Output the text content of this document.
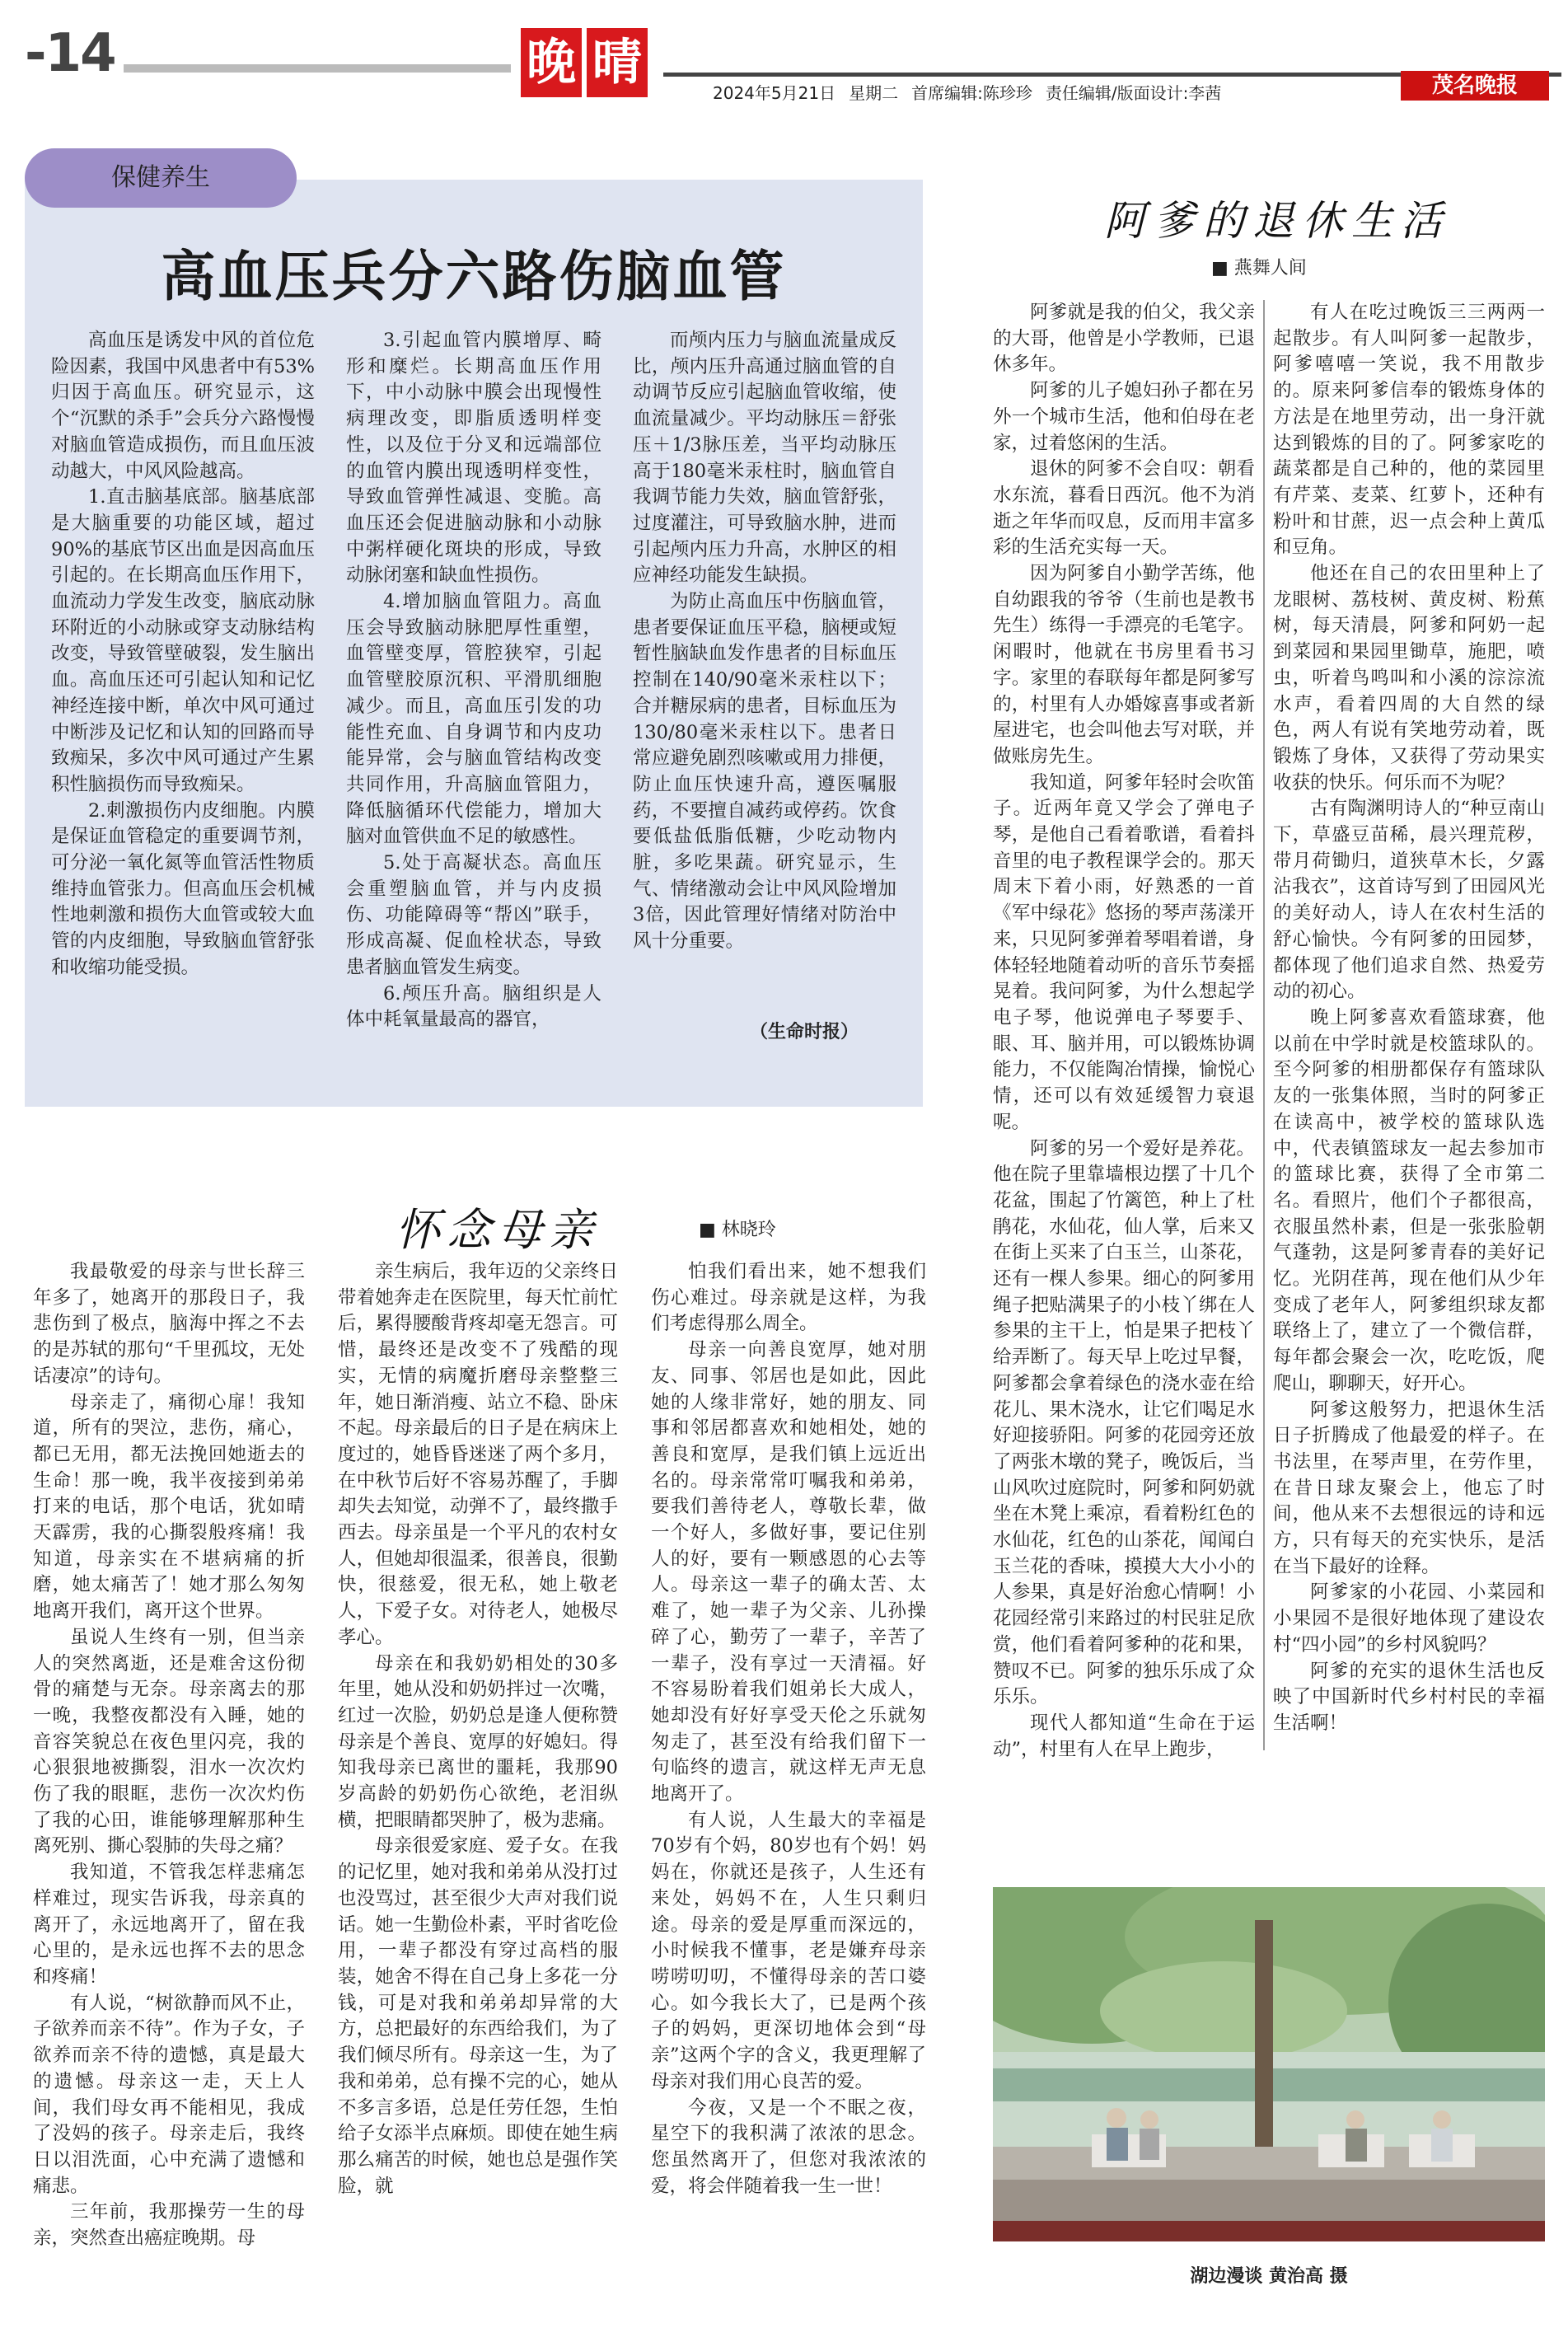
-14	晚 晴
2024年5月21日 星期二 首席编辑:陈珍珍 责任编辑/版面设计:李茜	茂名晚报
保健养生
高血压兵分六路伤脑血管

高血压是诱发中风的首位危险因素，我国中风患者中有53%归因于高血压。研究显示，这个“沉默的杀手”会兵分六路慢慢对脑血管造成损伤，而且血压波动越大，中风风险越高。

1.直击脑基底部。脑基底部是大脑重要的功能区域，超过90%的基底节区出血是因高血压引起的。在长期高血压作用下，血流动力学发生改变，脑底动脉环附近的小动脉或穿支动脉结构改变，导致管壁破裂，发生脑出血。高血压还可引起认知和记忆神经连接中断，单次中风可通过中断涉及记忆和认知的回路而导致痴呆，多次中风可通过产生累积性脑损伤而导致痴呆。

2.刺激损伤内皮细胞。内膜是保证血管稳定的重要调节剂，可分泌一氧化氮等血管活性物质维持血管张力。但高血压会机械性地刺激和损伤大血管或较大血管的内皮细胞，导致脑血管舒张和收缩功能受损。

3.引起血管内膜增厚、畸形和糜烂。长期高血压作用下，中小动脉中膜会出现慢性病理改变，即脂质透明样变性，以及位于分叉和远端部位的血管内膜出现透明样变性，导致血管弹性减退、变脆。高血压还会促进脑动脉和小动脉中粥样硬化斑块的形成，导致动脉闭塞和缺血性损伤。

4.增加脑血管阻力。高血压会导致脑动脉肥厚性重塑，血管壁变厚，管腔狭窄，引起血管壁胶原沉积、平滑肌细胞减少。而且，高血压引发的功能性充血、自身调节和内皮功能异常，会与脑血管结构改变共同作用，升高脑血管阻力，降低脑循环代偿能力，增加大脑对血管供血不足的敏感性。

5.处于高凝状态。高血压会重塑脑血管，并与内皮损伤、功能障碍等“帮凶”联手，形成高凝、促血栓状态，导致患者脑血管发生病变。

6.颅压升高。脑组织是人体中耗氧量最高的器官，

而颅内压力与脑血流量成反比，颅内压升高通过脑血管的自动调节反应引起脑血管收缩，使血流量减少。平均动脉压＝舒张压＋1/3脉压差，当平均动脉压高于180毫米汞柱时，脑血管自我调节能力失效，脑血管舒张，过度灌注，可导致脑水肿，进而引起颅内压力升高，水肿区的相应神经功能发生缺损。

为防止高血压中伤脑血管，患者要保证血压平稳，脑梗或短暂性脑缺血发作患者的目标血压控制在140/90毫米汞柱以下；合并糖尿病的患者，目标血压为130/80毫米汞柱以下。患者日常应避免剧烈咳嗽或用力排便，防止血压快速升高，遵医嘱服药，不要擅自减药或停药。饮食要低盐低脂低糖，少吃动物内脏，多吃果蔬。研究显示，生气、情绪激动会让中风风险增加3倍，因此管理好情绪对防治中风十分重要。

（生命时报）
阿爹的退休生活
■ 燕舞人间

阿爹就是我的伯父，我父亲的大哥，他曾是小学教师，已退休多年。

阿爹的儿子媳妇孙子都在另外一个城市生活，他和伯母在老家，过着悠闲的生活。

退休的阿爹不会自叹：朝看水东流，暮看日西沉。他不为消逝之年华而叹息，反而用丰富多彩的生活充实每一天。

因为阿爹自小勤学苦练，他自幼跟我的爷爷（生前也是教书先生）练得一手漂亮的毛笔字。闲暇时，他就在书房里看书习字。家里的春联每年都是阿爹写的，村里有人办婚嫁喜事或者新屋进宅，也会叫他去写对联，并做账房先生。

我知道，阿爹年轻时会吹笛子。近两年竟又学会了弹电子琴，是他自己看着歌谱，看着抖音里的电子教程课学会的。那天周末下着小雨，好熟悉的一首《军中绿花》悠扬的琴声荡漾开来，只见阿爹弹着琴唱着谱，身体轻轻地随着动听的音乐节奏摇晃着。我问阿爹，为什么想起学电子琴，他说弹电子琴要手、眼、耳、脑并用，可以锻炼协调能力，不仅能陶冶情操，愉悦心情，还可以有效延缓智力衰退呢。

阿爹的另一个爱好是养花。他在院子里靠墙根边摆了十几个花盆，围起了竹篱笆，种上了杜鹃花，水仙花，仙人掌，后来又在街上买来了白玉兰，山茶花，还有一棵人参果。细心的阿爹用绳子把贴满果子的小枝丫绑在人参果的主干上，怕是果子把枝丫给弄断了。每天早上吃过早餐，阿爹都会拿着绿色的浇水壶在给花儿、果木浇水，让它们喝足水好迎接骄阳。阿爹的花园旁还放了两张木墩的凳子，晚饭后，当山风吹过庭院时，阿爹和阿奶就坐在木凳上乘凉，看着粉红色的水仙花，红色的山茶花，闻闻白玉兰花的香味，摸摸大大小小的人参果，真是好治愈心情啊！小花园经常引来路过的村民驻足欣赏，他们看着阿爹种的花和果，赞叹不已。阿爹的独乐乐成了众乐乐。

现代人都知道“生命在于运动”，村里有人在早上跑步，

有人在吃过晚饭三三两两一起散步。有人叫阿爹一起散步，阿爹嘻嘻一笑说，我不用散步的。原来阿爹信奉的锻炼身体的方法是在地里劳动，出一身汗就达到锻炼的目的了。阿爹家吃的蔬菜都是自己种的，他的菜园里有芹菜、麦菜、红萝卜，还种有粉叶和甘蔗，迟一点会种上黄瓜和豆角。

他还在自己的农田里种上了龙眼树、荔枝树、黄皮树、粉蕉树，每天清晨，阿爹和阿奶一起到菜园和果园里锄草，施肥，喷虫，听着鸟鸣叫和小溪的淙淙流水声，看着四周的大自然的绿色，两人有说有笑地劳动着，既锻炼了身体，又获得了劳动果实收获的快乐。何乐而不为呢？

古有陶渊明诗人的“种豆南山下，草盛豆苗稀，晨兴理荒秽，带月荷锄归，道狭草木长，夕露沾我衣”，这首诗写到了田园风光的美好动人，诗人在农村生活的舒心愉快。今有阿爹的田园梦，都体现了他们追求自然、热爱劳动的初心。

晚上阿爹喜欢看篮球赛，他以前在中学时就是校篮球队的。至今阿爹的相册都保存有篮球队友的一张集体照，当时的阿爹正在读高中，被学校的篮球队选中，代表镇篮球友一起去参加市的篮球比赛，获得了全市第二名。看照片，他们个子都很高，衣服虽然朴素，但是一张张脸朝气蓬勃，这是阿爹青春的美好记忆。光阴荏苒，现在他们从少年变成了老年人，阿爹组织球友都联络上了，建立了一个微信群，每年都会聚会一次，吃吃饭，爬爬山，聊聊天，好开心。

阿爹这般努力，把退休生活日子折腾成了他最爱的样子。在书法里，在琴声里，在劳作里，在昔日球友聚会上，他忘了时间，他从来不去想很远的诗和远方，只有每天的充实快乐，是活在当下最好的诠释。

阿爹家的小花园、小菜园和小果园不是很好地体现了建设农村“四小园”的乡村风貌吗？

阿爹的充实的退休生活也反映了中国新时代乡村村民的幸福生活啊！

湖边漫谈 黄治高 摄
怀念母亲	■ 林晓玲

我最敬爱的母亲与世长辞三年多了，她离开的那段日子，我悲伤到了极点，脑海中挥之不去的是苏轼的那句“千里孤坟，无处话凄凉”的诗句。

母亲走了，痛彻心扉！我知道，所有的哭泣，悲伤，痛心，都已无用，都无法挽回她逝去的生命！那一晚，我半夜接到弟弟打来的电话，那个电话，犹如晴天霹雳，我的心撕裂般疼痛！我知道，母亲实在不堪病痛的折磨，她太痛苦了！她才那么匆匆地离开我们，离开这个世界。

虽说人生终有一别，但当亲人的突然离逝，还是难舍这份彻骨的痛楚与无奈。母亲离去的那一晚，我整夜都没有入睡，她的音容笑貌总在夜色里闪亮，我的心狠狠地被撕裂，泪水一次次灼伤了我的眼眶，悲伤一次次灼伤了我的心田，谁能够理解那种生离死别、撕心裂肺的失母之痛？

我知道，不管我怎样悲痛怎样难过，现实告诉我，母亲真的离开了，永远地离开了，留在我心里的，是永远也挥不去的思念和疼痛！

有人说，“树欲静而风不止，子欲养而亲不待”。作为子女，子欲养而亲不待的遗憾，真是最大的遗憾。母亲这一走，天上人间，我们母女再不能相见，我成了没妈的孩子。母亲走后，我终日以泪洗面，心中充满了遗憾和痛悲。

三年前，我那操劳一生的母亲，突然查出癌症晚期。母

亲生病后，我年迈的父亲终日带着她奔走在医院里，每天忙前忙后，累得腰酸背疼却毫无怨言。可惜，最终还是改变不了残酷的现实，无情的病魔折磨母亲整整三年，她日渐消瘦、站立不稳、卧床不起。母亲最后的日子是在病床上度过的，她昏昏迷迷了两个多月，在中秋节后好不容易苏醒了，手脚却失去知觉，动弹不了，最终撒手西去。母亲虽是一个平凡的农村女人，但她却很温柔，很善良，很勤快，很慈爱，很无私，她上敬老人，下爱子女。对待老人，她极尽孝心。

母亲在和我奶奶相处的30多年里，她从没和奶奶拌过一次嘴，红过一次脸，奶奶总是逢人便称赞母亲是个善良、宽厚的好媳妇。得知我母亲已离世的噩耗，我那90岁高龄的奶奶伤心欲绝，老泪纵横，把眼睛都哭肿了，极为悲痛。

母亲很爱家庭、爱子女。在我的记忆里，她对我和弟弟从没打过也没骂过，甚至很少大声对我们说话。她一生勤俭朴素，平时省吃俭用，一辈子都没有穿过高档的服装，她舍不得在自己身上多花一分钱，可是对我和弟弟却异常的大方，总把最好的东西给我们，为了我们倾尽所有。母亲这一生，为了我和弟弟，总有操不完的心，她从不多言多语，总是任劳任怨，生怕给子女添半点麻烦。即使在她生病那么痛苦的时候，她也总是强作笑脸，就

怕我们看出来，她不想我们伤心难过。母亲就是这样，为我们考虑得那么周全。

母亲一向善良宽厚，她对朋友、同事、邻居也是如此，因此她的人缘非常好，她的朋友、同事和邻居都喜欢和她相处，她的善良和宽厚，是我们镇上远近出名的。母亲常常叮嘱我和弟弟，要我们善待老人，尊敬长辈，做一个好人，多做好事，要记住别人的好，要有一颗感恩的心去等人。母亲这一辈子的确太苦、太难了，她一辈子为父亲、儿孙操碎了心，勤劳了一辈子，辛苦了一辈子，没有享过一天清福。好不容易盼着我们姐弟长大成人，她却没有好好享受天伦之乐就匆匆走了，甚至没有给我们留下一句临终的遗言，就这样无声无息地离开了。

有人说，人生最大的幸福是70岁有个妈，80岁也有个妈！妈妈在，你就还是孩子，人生还有来处，妈妈不在，人生只剩归途。母亲的爱是厚重而深远的，小时候我不懂事，老是嫌弃母亲唠唠叨叨，不懂得母亲的苦口婆心。如今我长大了，已是两个孩子的妈妈，更深切地体会到“母亲”这两个字的含义，我更理解了母亲对我们用心良苦的爱。

今夜，又是一个不眠之夜，星空下的我积满了浓浓的思念。您虽然离开了，但您对我浓浓的爱，将会伴随着我一生一世！
